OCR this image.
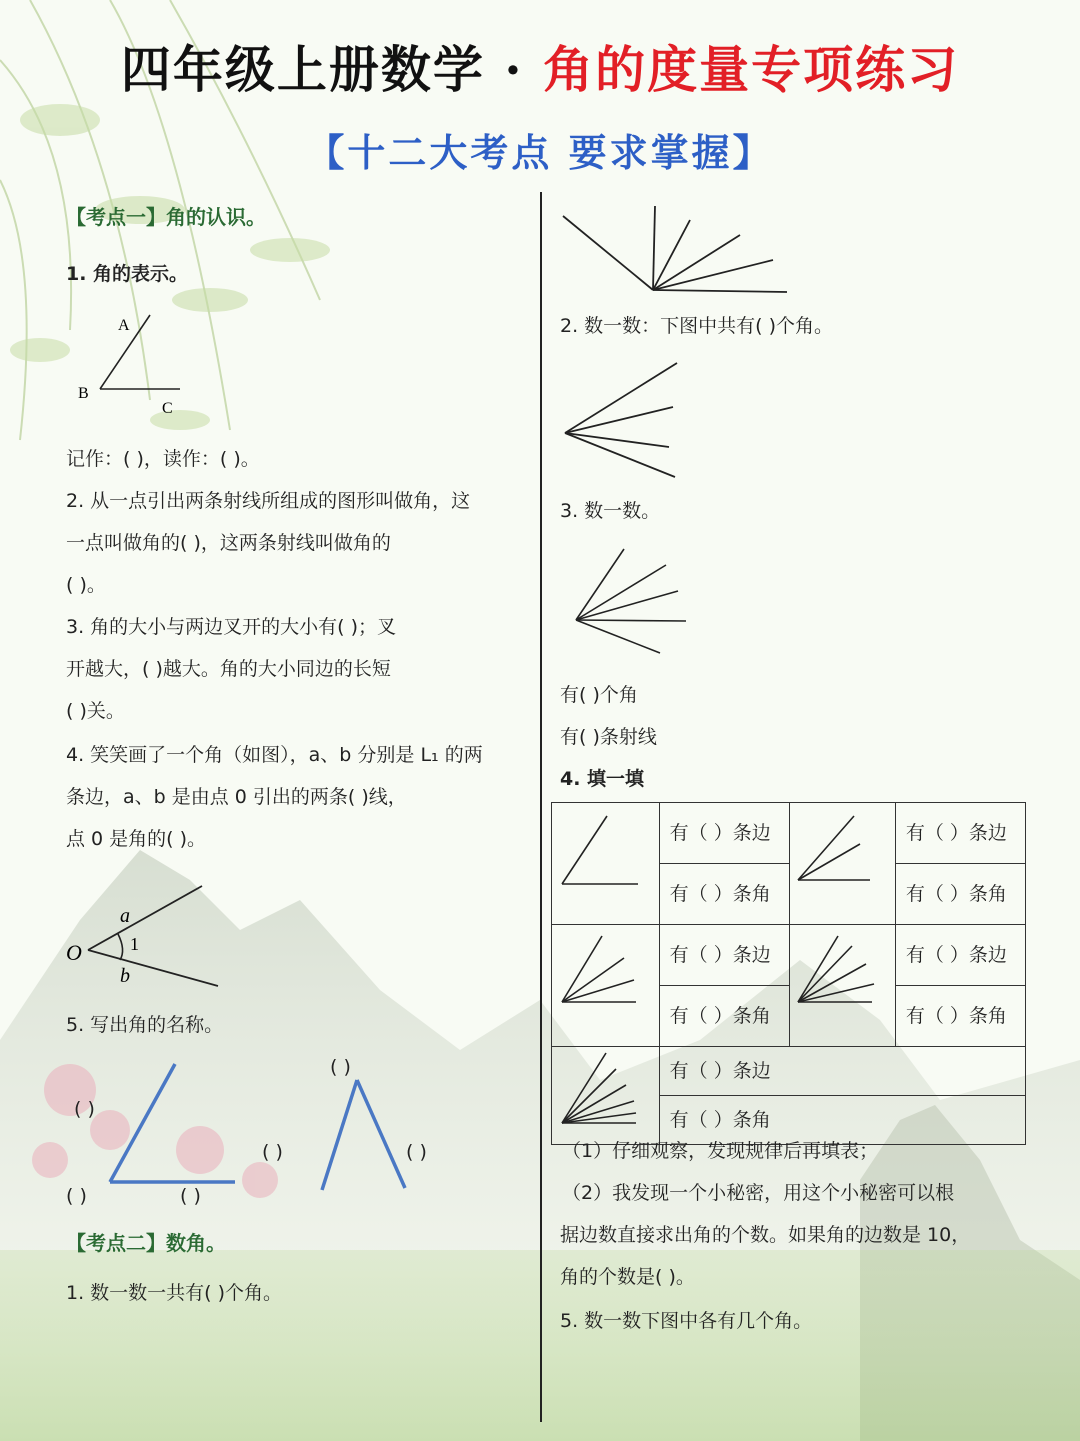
四年级上册数学 · 角的度量专项练习
【十二大考点 要求掌握】
【考点一】角的认识。
1. 角的表示。
A
B
C
记作：( )，读作：( )。
2. 从一点引出两条射线所组成的图形叫做角，这
一点叫做角的( )，这两条射线叫做角的
( )。
3. 角的大小与两边叉开的大小有( )；叉
开越大，( )越大。角的大小同边的长短
( )关。
4. 笑笑画了一个角（如图），a、b 分别是 L₁ 的两
条边，a、b 是由点 0 引出的两条( )线，
点 0 是角的( )。
a
b
O	1
5. 写出角的名称。
( )
( )	( )
( )
( )	( )
【考点二】数角。
1. 数一数一共有( )个角。
2. 数一数：下图中共有( )个角。
3. 数一数。
有( )个角
有( )条射线
4. 填一填
	有（ ）条边		有（ ）条边
	有（ ）条角		有（ ）条角
	有（ ）条边		有（ ）条边
	有（ ）条角		有（ ）条角
	有（ ）条边		
	有（ ）条角		
（1）仔细观察，发现规律后再填表；
（2）我发现一个小秘密，用这个小秘密可以根
据边数直接求出角的个数。如果角的边数是 10，
角的个数是( )。
5. 数一数下图中各有几个角。
